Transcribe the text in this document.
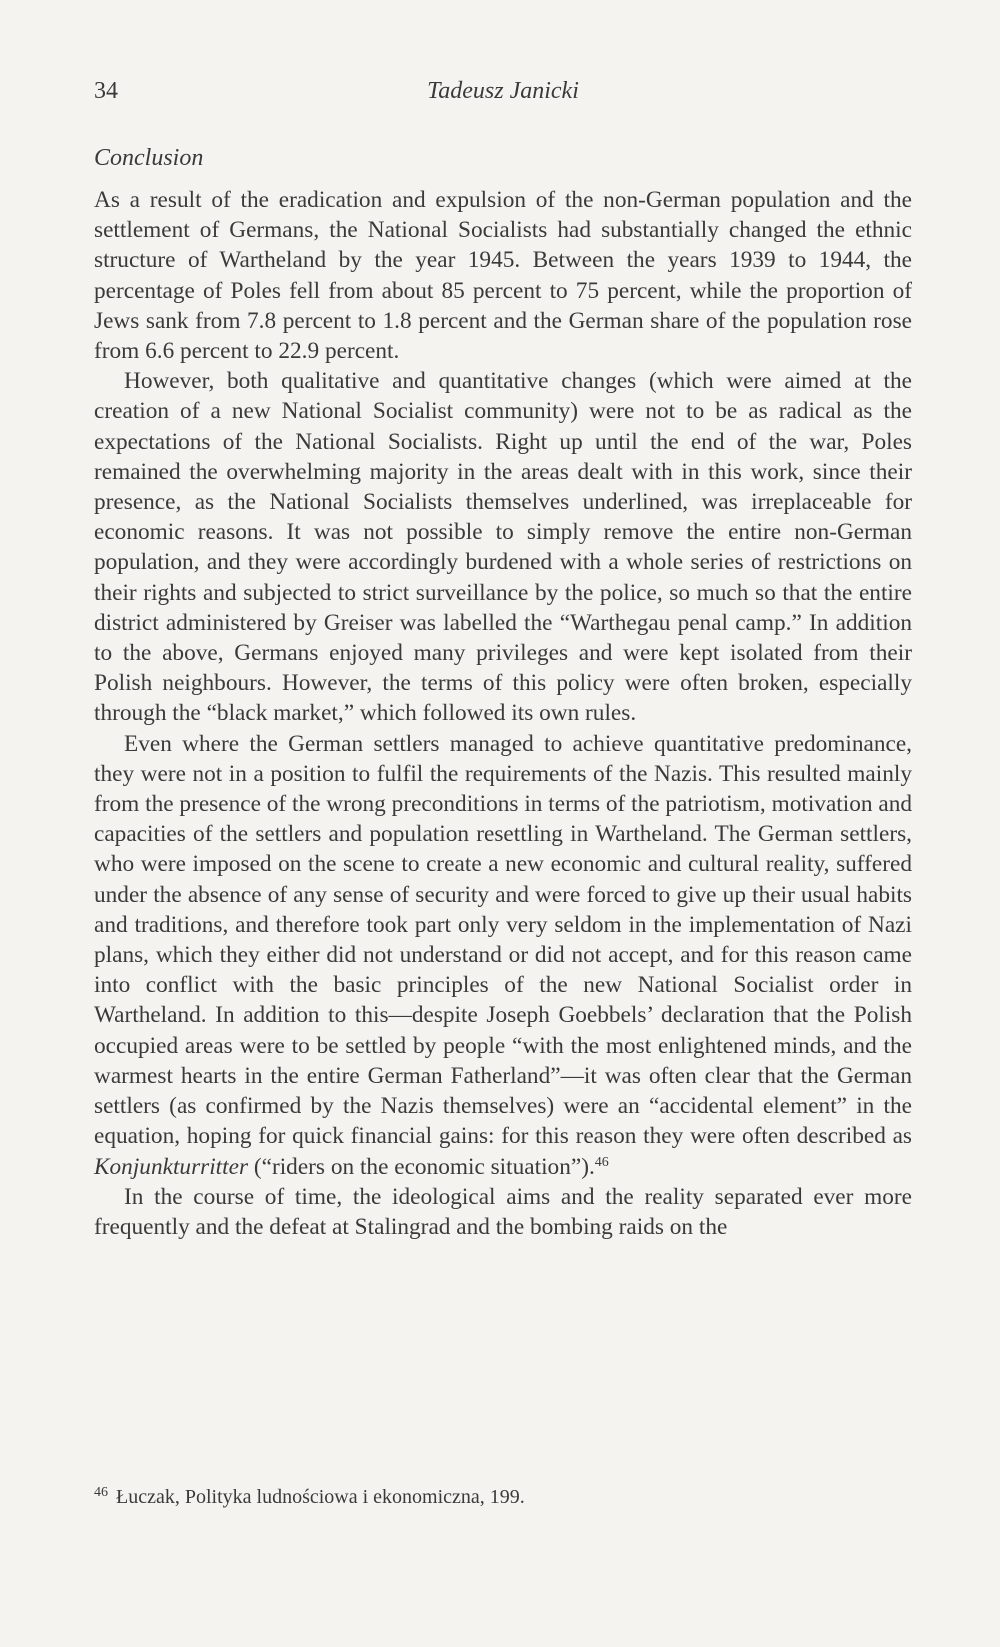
34	Tadeusz Janicki
Conclusion

As a result of the eradication and expulsion of the non-German population and the settlement of Germans, the National Socialists had substantially changed the ethnic structure of Wartheland by the year 1945. Between the years 1939 to 1944, the percentage of Poles fell from about 85 percent to 75 percent, while the proportion of Jews sank from 7.8 percent to 1.8 percent and the German share of the population rose from 6.6 percent to 22.9 percent.

However, both qualitative and quantitative changes (which were aimed at the creation of a new National Socialist community) were not to be as radical as the expectations of the National Socialists. Right up until the end of the war, Poles remained the overwhelming majority in the areas dealt with in this work, since their presence, as the National Socialists themselves underlined, was irreplaceable for economic reasons. It was not possible to simply remove the entire non-German population, and they were accordingly burdened with a whole series of restrictions on their rights and subjected to strict surveillance by the police, so much so that the entire district administered by Greiser was labelled the “Warthegau penal camp.” In addition to the above, Germans enjoyed many privileges and were kept isolated from their Polish neighbours. However, the terms of this policy were often broken, especially through the “black market,” which followed its own rules.

Even where the German settlers managed to achieve quantitative predominance, they were not in a position to fulfil the requirements of the Nazis. This resulted mainly from the presence of the wrong preconditions in terms of the patriotism, motivation and capacities of the settlers and population resettling in Wartheland. The German settlers, who were imposed on the scene to create a new economic and cultural reality, suffered under the absence of any sense of security and were forced to give up their usual habits and traditions, and therefore took part only very seldom in the implementation of Nazi plans, which they either did not understand or did not accept, and for this reason came into conflict with the basic principles of the new National Socialist order in Wartheland. In addition to this—despite Joseph Goebbels’ declaration that the Polish occupied areas were to be settled by people “with the most enlightened minds, and the warmest hearts in the entire German Fatherland”—it was often clear that the German settlers (as confirmed by the Nazis themselves) were an “accidental element” in the equation, hoping for quick financial gains: for this reason they were often described as Konjunkturritter (“riders on the economic situation”).$^{46}$

In the course of time, the ideological aims and the reality separated ever more frequently and the defeat at Stalingrad and the bombing raids on the

$^{46}$ Łuczak, Polityka ludnościowa i ekonomiczna, 199.
